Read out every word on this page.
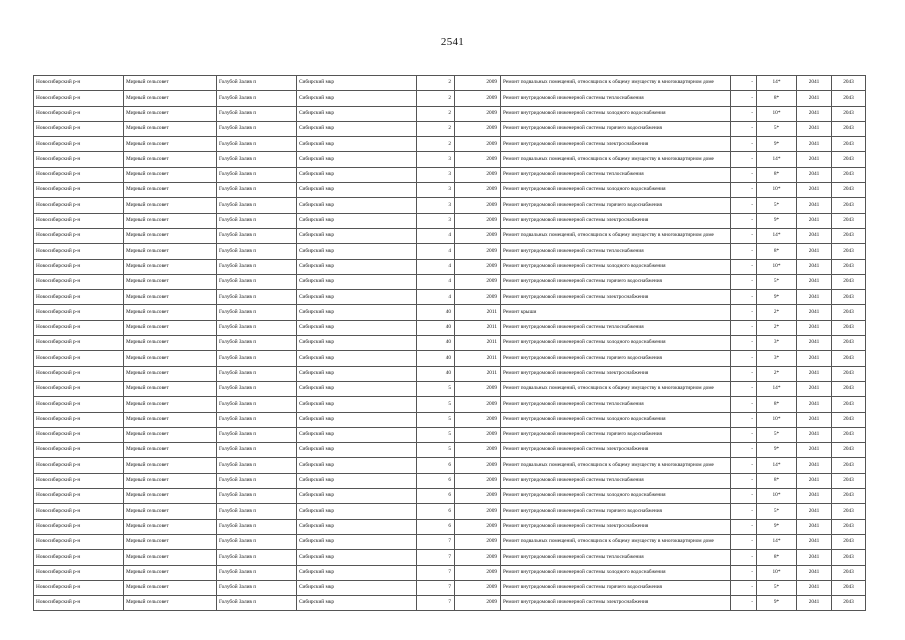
2541
Новосибирский р-н	Мирный сельсовет	Голубой Залив п	Сибирский мкр	2	2009	Ремонт подвальных помещений, относящихся к общему имуществу в многоквартирном доме	-	14*	2041	2043
Новосибирский р-н	Мирный сельсовет	Голубой Залив п	Сибирский мкр	2	2009	Ремонт внутридомовой инженерной системы теплоснабжения	-	8*	2041	2043
Новосибирский р-н	Мирный сельсовет	Голубой Залив п	Сибирский мкр	2	2009	Ремонт внутридомовой инженерной системы холодного водоснабжения	-	10*	2041	2043
Новосибирский р-н	Мирный сельсовет	Голубой Залив п	Сибирский мкр	2	2009	Ремонт внутридомовой инженерной системы горячего водоснабжения	-	5*	2041	2043
Новосибирский р-н	Мирный сельсовет	Голубой Залив п	Сибирский мкр	2	2009	Ремонт внутридомовой инженерной системы электроснабжения	-	9*	2041	2043
Новосибирский р-н	Мирный сельсовет	Голубой Залив п	Сибирский мкр	3	2009	Ремонт подвальных помещений, относящихся к общему имуществу в многоквартирном доме	-	14*	2041	2043
Новосибирский р-н	Мирный сельсовет	Голубой Залив п	Сибирский мкр	3	2009	Ремонт внутридомовой инженерной системы теплоснабжения	-	8*	2041	2043
Новосибирский р-н	Мирный сельсовет	Голубой Залив п	Сибирский мкр	3	2009	Ремонт внутридомовой инженерной системы холодного водоснабжения	-	10*	2041	2043
Новосибирский р-н	Мирный сельсовет	Голубой Залив п	Сибирский мкр	3	2009	Ремонт внутридомовой инженерной системы горячего водоснабжения	-	5*	2041	2043
Новосибирский р-н	Мирный сельсовет	Голубой Залив п	Сибирский мкр	3	2009	Ремонт внутридомовой инженерной системы электроснабжения	-	9*	2041	2043
Новосибирский р-н	Мирный сельсовет	Голубой Залив п	Сибирский мкр	4	2009	Ремонт подвальных помещений, относящихся к общему имуществу в многоквартирном доме	-	14*	2041	2043
Новосибирский р-н	Мирный сельсовет	Голубой Залив п	Сибирский мкр	4	2009	Ремонт внутридомовой инженерной системы теплоснабжения	-	8*	2041	2043
Новосибирский р-н	Мирный сельсовет	Голубой Залив п	Сибирский мкр	4	2009	Ремонт внутридомовой инженерной системы холодного водоснабжения	-	10*	2041	2043
Новосибирский р-н	Мирный сельсовет	Голубой Залив п	Сибирский мкр	4	2009	Ремонт внутридомовой инженерной системы горячего водоснабжения	-	5*	2041	2043
Новосибирский р-н	Мирный сельсовет	Голубой Залив п	Сибирский мкр	4	2009	Ремонт внутридомовой инженерной системы электроснабжения	-	9*	2041	2043
Новосибирский р-н	Мирный сельсовет	Голубой Залив п	Сибирский мкр	40	2011	Ремонт крыши	-	2*	2041	2043
Новосибирский р-н	Мирный сельсовет	Голубой Залив п	Сибирский мкр	40	2011	Ремонт внутридомовой инженерной системы теплоснабжения	-	2*	2041	2043
Новосибирский р-н	Мирный сельсовет	Голубой Залив п	Сибирский мкр	40	2011	Ремонт внутридомовой инженерной системы холодного водоснабжения	-	3*	2041	2043
Новосибирский р-н	Мирный сельсовет	Голубой Залив п	Сибирский мкр	40	2011	Ремонт внутридомовой инженерной системы горячего водоснабжения	-	3*	2041	2043
Новосибирский р-н	Мирный сельсовет	Голубой Залив п	Сибирский мкр	40	2011	Ремонт внутридомовой инженерной системы электроснабжения	-	2*	2041	2043
Новосибирский р-н	Мирный сельсовет	Голубой Залив п	Сибирский мкр	5	2009	Ремонт подвальных помещений, относящихся к общему имуществу в многоквартирном доме	-	14*	2041	2043
Новосибирский р-н	Мирный сельсовет	Голубой Залив п	Сибирский мкр	5	2009	Ремонт внутридомовой инженерной системы теплоснабжения	-	8*	2041	2043
Новосибирский р-н	Мирный сельсовет	Голубой Залив п	Сибирский мкр	5	2009	Ремонт внутридомовой инженерной системы холодного водоснабжения	-	10*	2041	2043
Новосибирский р-н	Мирный сельсовет	Голубой Залив п	Сибирский мкр	5	2009	Ремонт внутридомовой инженерной системы горячего водоснабжения	-	5*	2041	2043
Новосибирский р-н	Мирный сельсовет	Голубой Залив п	Сибирский мкр	5	2009	Ремонт внутридомовой инженерной системы электроснабжения	-	9*	2041	2043
Новосибирский р-н	Мирный сельсовет	Голубой Залив п	Сибирский мкр	6	2009	Ремонт подвальных помещений, относящихся к общему имуществу в многоквартирном доме	-	14*	2041	2043
Новосибирский р-н	Мирный сельсовет	Голубой Залив п	Сибирский мкр	6	2009	Ремонт внутридомовой инженерной системы теплоснабжения	-	8*	2041	2043
Новосибирский р-н	Мирный сельсовет	Голубой Залив п	Сибирский мкр	6	2009	Ремонт внутридомовой инженерной системы холодного водоснабжения	-	10*	2041	2043
Новосибирский р-н	Мирный сельсовет	Голубой Залив п	Сибирский мкр	6	2009	Ремонт внутридомовой инженерной системы горячего водоснабжения	-	5*	2041	2043
Новосибирский р-н	Мирный сельсовет	Голубой Залив п	Сибирский мкр	6	2009	Ремонт внутридомовой инженерной системы электроснабжения	-	9*	2041	2043
Новосибирский р-н	Мирный сельсовет	Голубой Залив п	Сибирский мкр	7	2009	Ремонт подвальных помещений, относящихся к общему имуществу в многоквартирном доме	-	14*	2041	2043
Новосибирский р-н	Мирный сельсовет	Голубой Залив п	Сибирский мкр	7	2009	Ремонт внутридомовой инженерной системы теплоснабжения	-	8*	2041	2043
Новосибирский р-н	Мирный сельсовет	Голубой Залив п	Сибирский мкр	7	2009	Ремонт внутридомовой инженерной системы холодного водоснабжения	-	10*	2041	2043
Новосибирский р-н	Мирный сельсовет	Голубой Залив п	Сибирский мкр	7	2009	Ремонт внутридомовой инженерной системы горячего водоснабжения	-	5*	2041	2043
Новосибирский р-н	Мирный сельсовет	Голубой Залив п	Сибирский мкр	7	2009	Ремонт внутридомовой инженерной системы электроснабжения	-	9*	2041	2043
